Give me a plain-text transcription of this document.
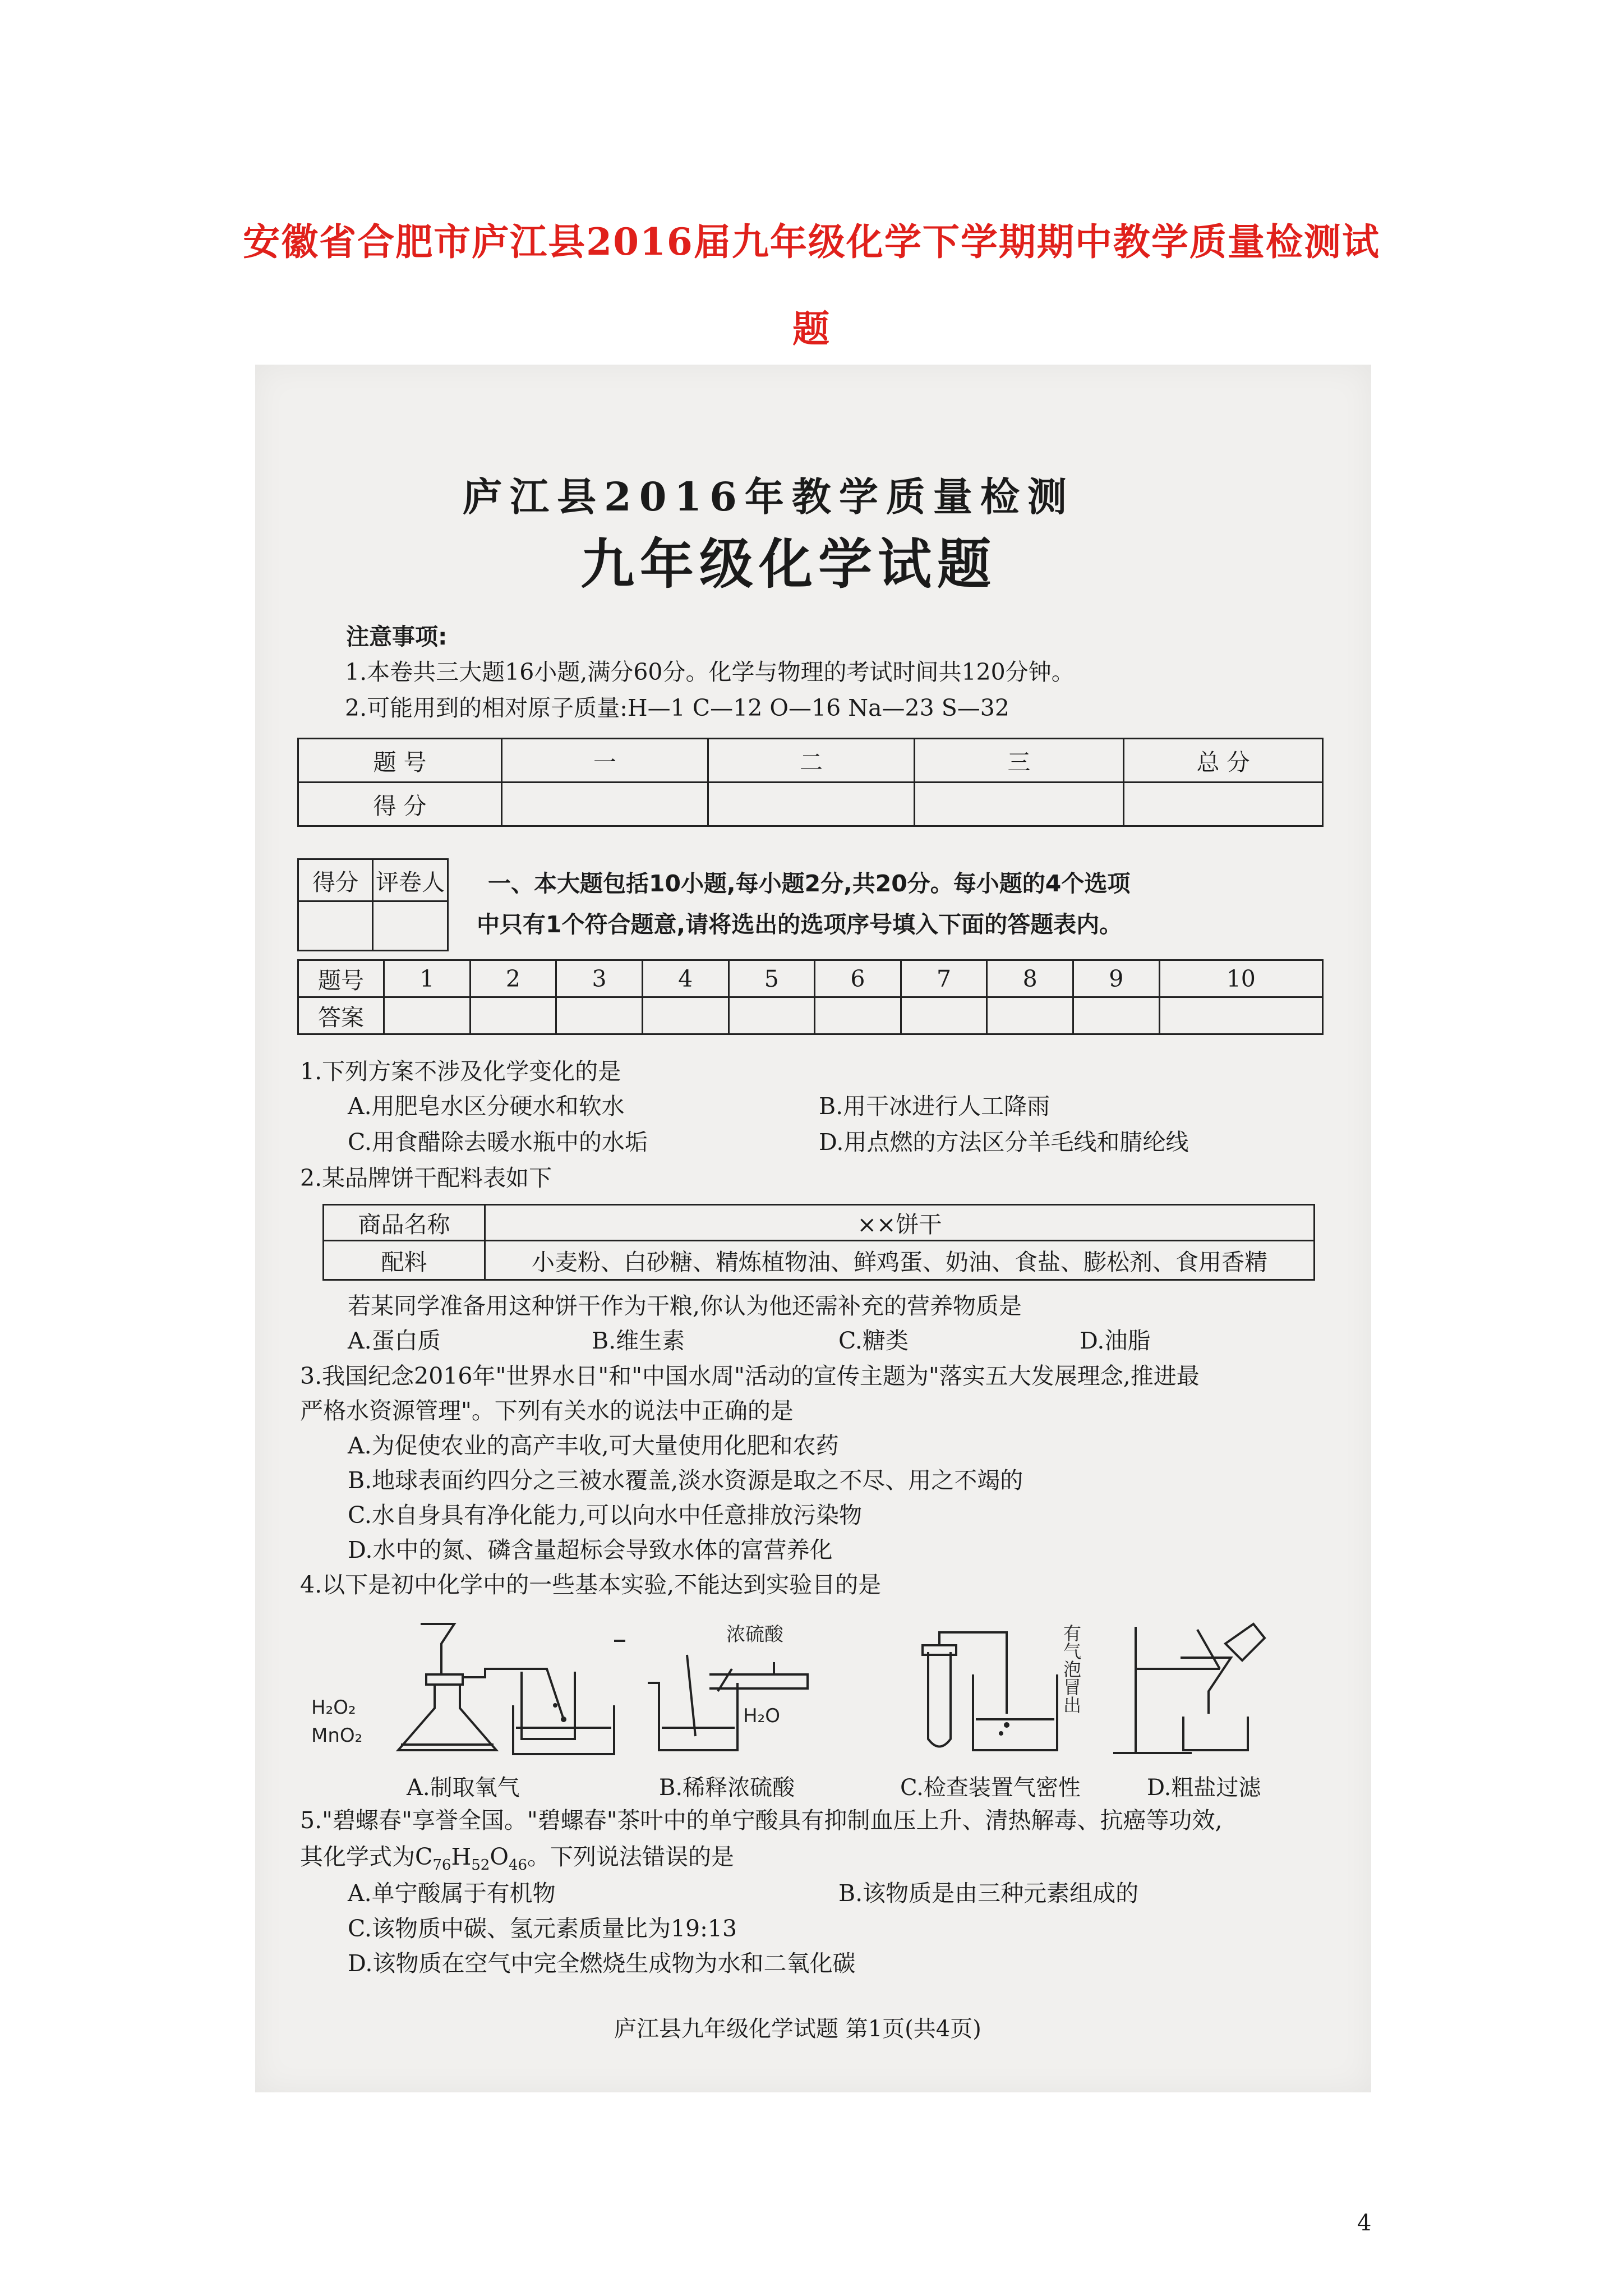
安徽省合肥市庐江县2016届九年级化学下学期期中教学质量检测试
题
庐江县2016年教学质量检测
九年级化学试题
注意事项:
1.本卷共三大题16小题,满分60分。化学与物理的考试时间共120分钟。
2.可能用到的相对原子质量:H—1 C—12 O—16 Na—23 S—32
题 号	一	二	三	总 分
得 分				
得分	评卷人
	一、本大题包括10小题,每小题2分,共20分。每小题的4个选项
中只有1个符合题意,请将选出的选项序号填入下面的答题表内。
题号	1	2	3	4	5	6	7	8	9	10
答案										
1.下列方案不涉及化学变化的是
A.用肥皂水区分硬水和软水	B.用干冰进行人工降雨
C.用食醋除去暖水瓶中的水垢	D.用点燃的方法区分羊毛线和腈纶线
2.某品牌饼干配料表如下
商品名称	××饼干
配料	小麦粉、白砂糖、精炼植物油、鲜鸡蛋、奶油、食盐、膨松剂、食用香精
若某同学准备用这种饼干作为干粮,你认为他还需补充的营养物质是
A.蛋白质	B.维生素	C.糖类	D.油脂
3.我国纪念2016年"世界水日"和"中国水周"活动的宣传主题为"落实五大发展理念,推进最
严格水资源管理"。下列有关水的说法中正确的是
A.为促使农业的高产丰收,可大量使用化肥和农药
B.地球表面约四分之三被水覆盖,淡水资源是取之不尽、用之不竭的
C.水自身具有净化能力,可以向水中任意排放污染物
D.水中的氮、磷含量超标会导致水体的富营养化
4.以下是初中化学中的一些基本实验,不能达到实验目的是
H₂O₂
MnO₂
浓硫酸
H₂O
有气泡冒出
A.制取氧气	B.稀释浓硫酸	C.检查装置气密性	D.粗盐过滤
5."碧螺春"享誉全国。"碧螺春"茶叶中的单宁酸具有抑制血压上升、清热解毒、抗癌等功效,
其化学式为$C_{76}H_{52}O_{46}$。下列说法错误的是
A.单宁酸属于有机物	B.该物质是由三种元素组成的
C.该物质中碳、氢元素质量比为19:13
D.该物质在空气中完全燃烧生成物为水和二氧化碳
庐江县九年级化学试题 第1页(共4页)
4
